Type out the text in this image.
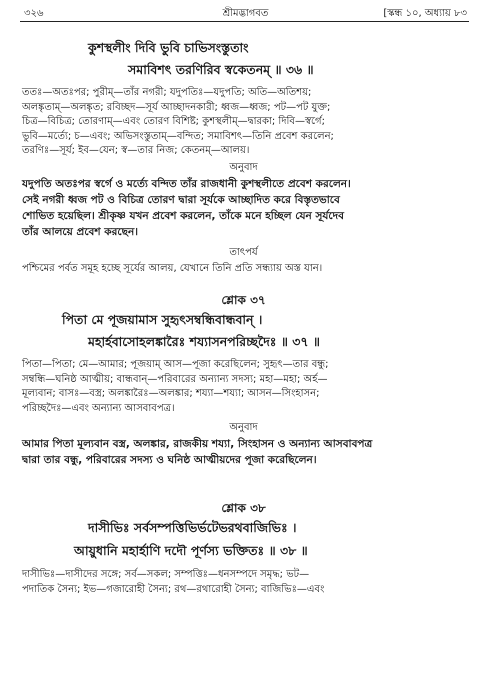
৩২৬	শ্রীমদ্ভাগবত	[স্কন্ধ ১০, অধ্যায় ৮৩
কুশস্থলীং দিবি ভুবি চাভিসংস্তুতাং
সমাবিশৎ তরণিরিব স্বকেতনম্ ॥ ৩৬ ॥
ততঃ—অতঃপর; পুরীম্—তাঁর নগরী; যদুপতিঃ—যদুপতি; অতি—অতিশয়;
অলঙ্কৃতাম্—অলঙ্কৃত; রবিচ্ছদ—সূর্য আচ্ছাদনকারী; ধ্বজ—ধ্বজ; পট—পট যুক্ত;
চিত্র—বিচিত্র; তোরণাম্—এবং তোরণ বিশিষ্ট; কুশস্থলীম্—দ্বারকা; দিবি—স্বর্গে;
ভুবি—মর্ত্যে; চ—এবং; অভিসংস্তুতাম্—বন্দিত; সমাবিশৎ—তিনি প্রবেশ করলেন;
তরণিঃ—সূর্য; ইব—যেন; স্ব—তার নিজ; কেতনম্—আলয়।
অনুবাদ
যদুপতি অতঃপর স্বর্গে ও মর্ত্যে বন্দিত তাঁর রাজধানী কুশস্থলীতে প্রবেশ করলেন।
সেই নগরী ধ্বজ পট ও বিচিত্র তোরণ দ্বারা সূর্যকে আচ্ছাদিত করে বিস্তৃতভাবে
শোভিত হয়েছিল। শ্রীকৃষ্ণ যখন প্রবেশ করলেন, তাঁকে মনে হচ্ছিল যেন সূর্যদেব
তাঁর আলয়ে প্রবেশ করছেন।
তাৎপর্য
পশ্চিমের পর্বত সমূহ হচ্ছে সূর্যের আলয়, যেখানে তিনি প্রতি সন্ধ্যায় অস্ত যান।
শ্লোক ৩৭
পিতা মে পূজয়ামাস সুহৃৎসম্বন্ধিবান্ধবান্ ।
মহার্হবাসোহলঙ্কারৈঃ শয্যাসনপরিচ্ছদৈঃ ॥ ৩৭ ॥
পিতা—পিতা; মে—আমার; পূজয়াম্ আস—পূজা করেছিলেন; সুহৃৎ—তার বন্ধু;
সম্বন্ধি—ঘনিষ্ঠ আত্মীয়; বান্ধবান্—পরিবারের অন্যান্য সদস্য; মহা—মহা; অর্হ—
মূল্যবান; বাসঃ—বস্ত্র; অলঙ্কারৈঃ—অলঙ্কার; শয্যা—শয্যা; আসন—সিংহাসন;
পরিচ্ছদৈঃ—এবং অন্যান্য আসবাবপত্র।
অনুবাদ
আমার পিতা মূল্যবান বস্ত্র, অলঙ্কার, রাজকীয় শয্যা, সিংহাসন ও অন্যান্য আসবাবপত্র
দ্বারা তার বন্ধু, পরিবারের সদস্য ও ঘনিষ্ঠ আত্মীয়দের পূজা করেছিলেন।
শ্লোক ৩৮
দাসীভিঃ সর্বসম্পত্তিভির্ভটেভরথবাজিভিঃ ।
আয়ুধানি মহার্হাণি দদৌ পূর্ণস্য ভক্তিতঃ ॥ ৩৮ ॥
দাসীভিঃ—দাসীদের সঙ্গে; সর্ব—সকল; সম্পত্তিঃ—ধনসম্পদে সমৃদ্ধ; ভট—
পদাতিক সৈন্য; ইভ—গজারোহী সৈন্য; রথ—রথারোহী সৈন্য; বাজিভিঃ—এবং
